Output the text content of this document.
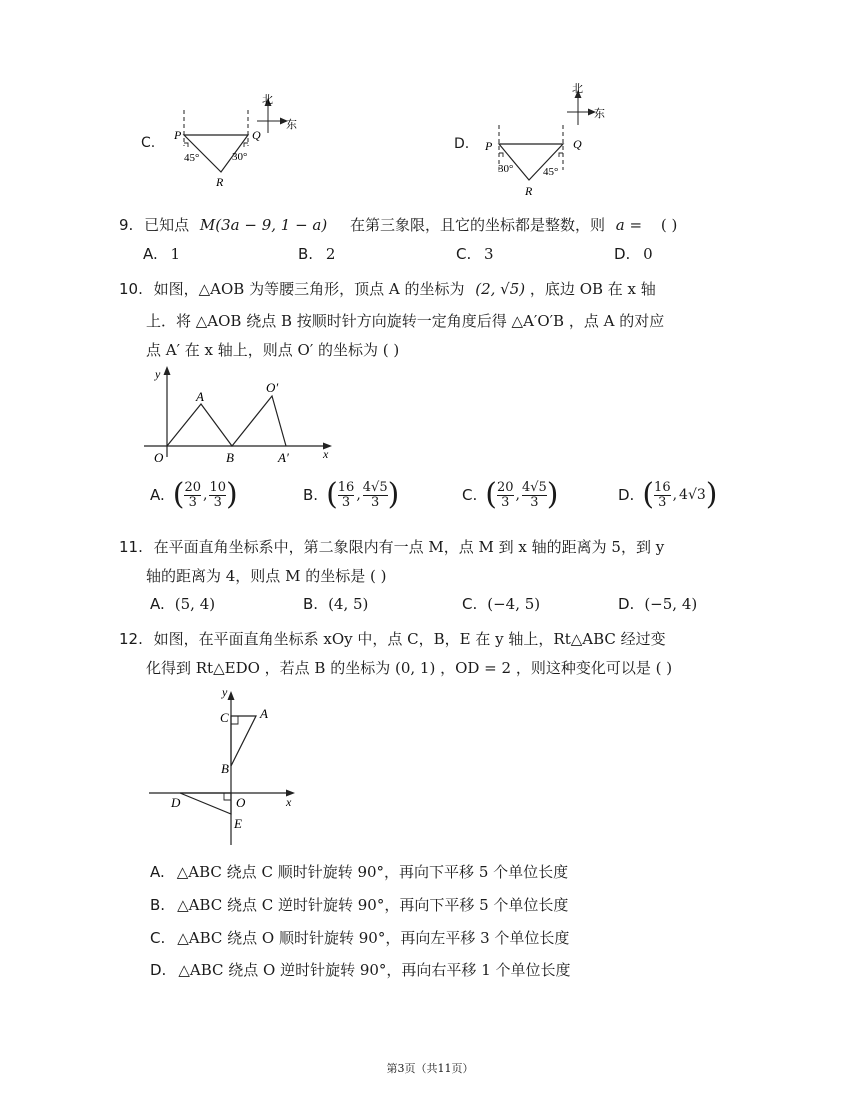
C. P	Q
R
45°	30°
北
东
D. P	Q
R
30°	45°
北
东
9. 已知点 M(3a − 9, 1 − a) 在第三象限，且它的坐标都是整数，则 a = ( )
A. 1	B. 2	C. 3	D. 0
10. 如图，△AOB 为等腰三角形，顶点 A 的坐标为 (2, √5) ，底边 OB 在 x 轴
上．将 △AOB 绕点 B 按顺时针方向旋转一定角度后得 △A′O′B ，点 A 的对应
点 A′ 在 x 轴上，则点 O′ 的坐标为 ( )
O
A
B
O′
A′	x
y
A. ( $\frac{20}{3}$ , $\frac{10}{3}$ )	B. ( $\frac{16}{3}$ , $\frac{4√5}{3}$ )	C. ( $\frac{20}{3}$ , $\frac{4√5}{3}$ )	D. ( $\frac{16}{3}$ , 4√3 )
11. 在平面直角坐标系中，第二象限内有一点 M，点 M 到 x 轴的距离为 5，到 y
轴的距离为 4，则点 M 的坐标是 ( )
A. (5, 4)	B. (4, 5)	C. (−4, 5)	D. (−5, 4)
12. 如图，在平面直角坐标系 xOy 中，点 C，B，E 在 y 轴上，Rt△ABC 经过变
化得到 Rt△EDO ，若点 B 的坐标为 (0, 1) ，OD = 2 ，则这种变化可以是 ( )
y
C A
B
D	O
E
x
A. △ABC 绕点 C 顺时针旋转 90°，再向下平移 5 个单位长度
B. △ABC 绕点 C 逆时针旋转 90°，再向下平移 5 个单位长度
C. △ABC 绕点 O 顺时针旋转 90°，再向左平移 3 个单位长度
D. △ABC 绕点 O 逆时针旋转 90°，再向右平移 1 个单位长度
第3页（共11页）
